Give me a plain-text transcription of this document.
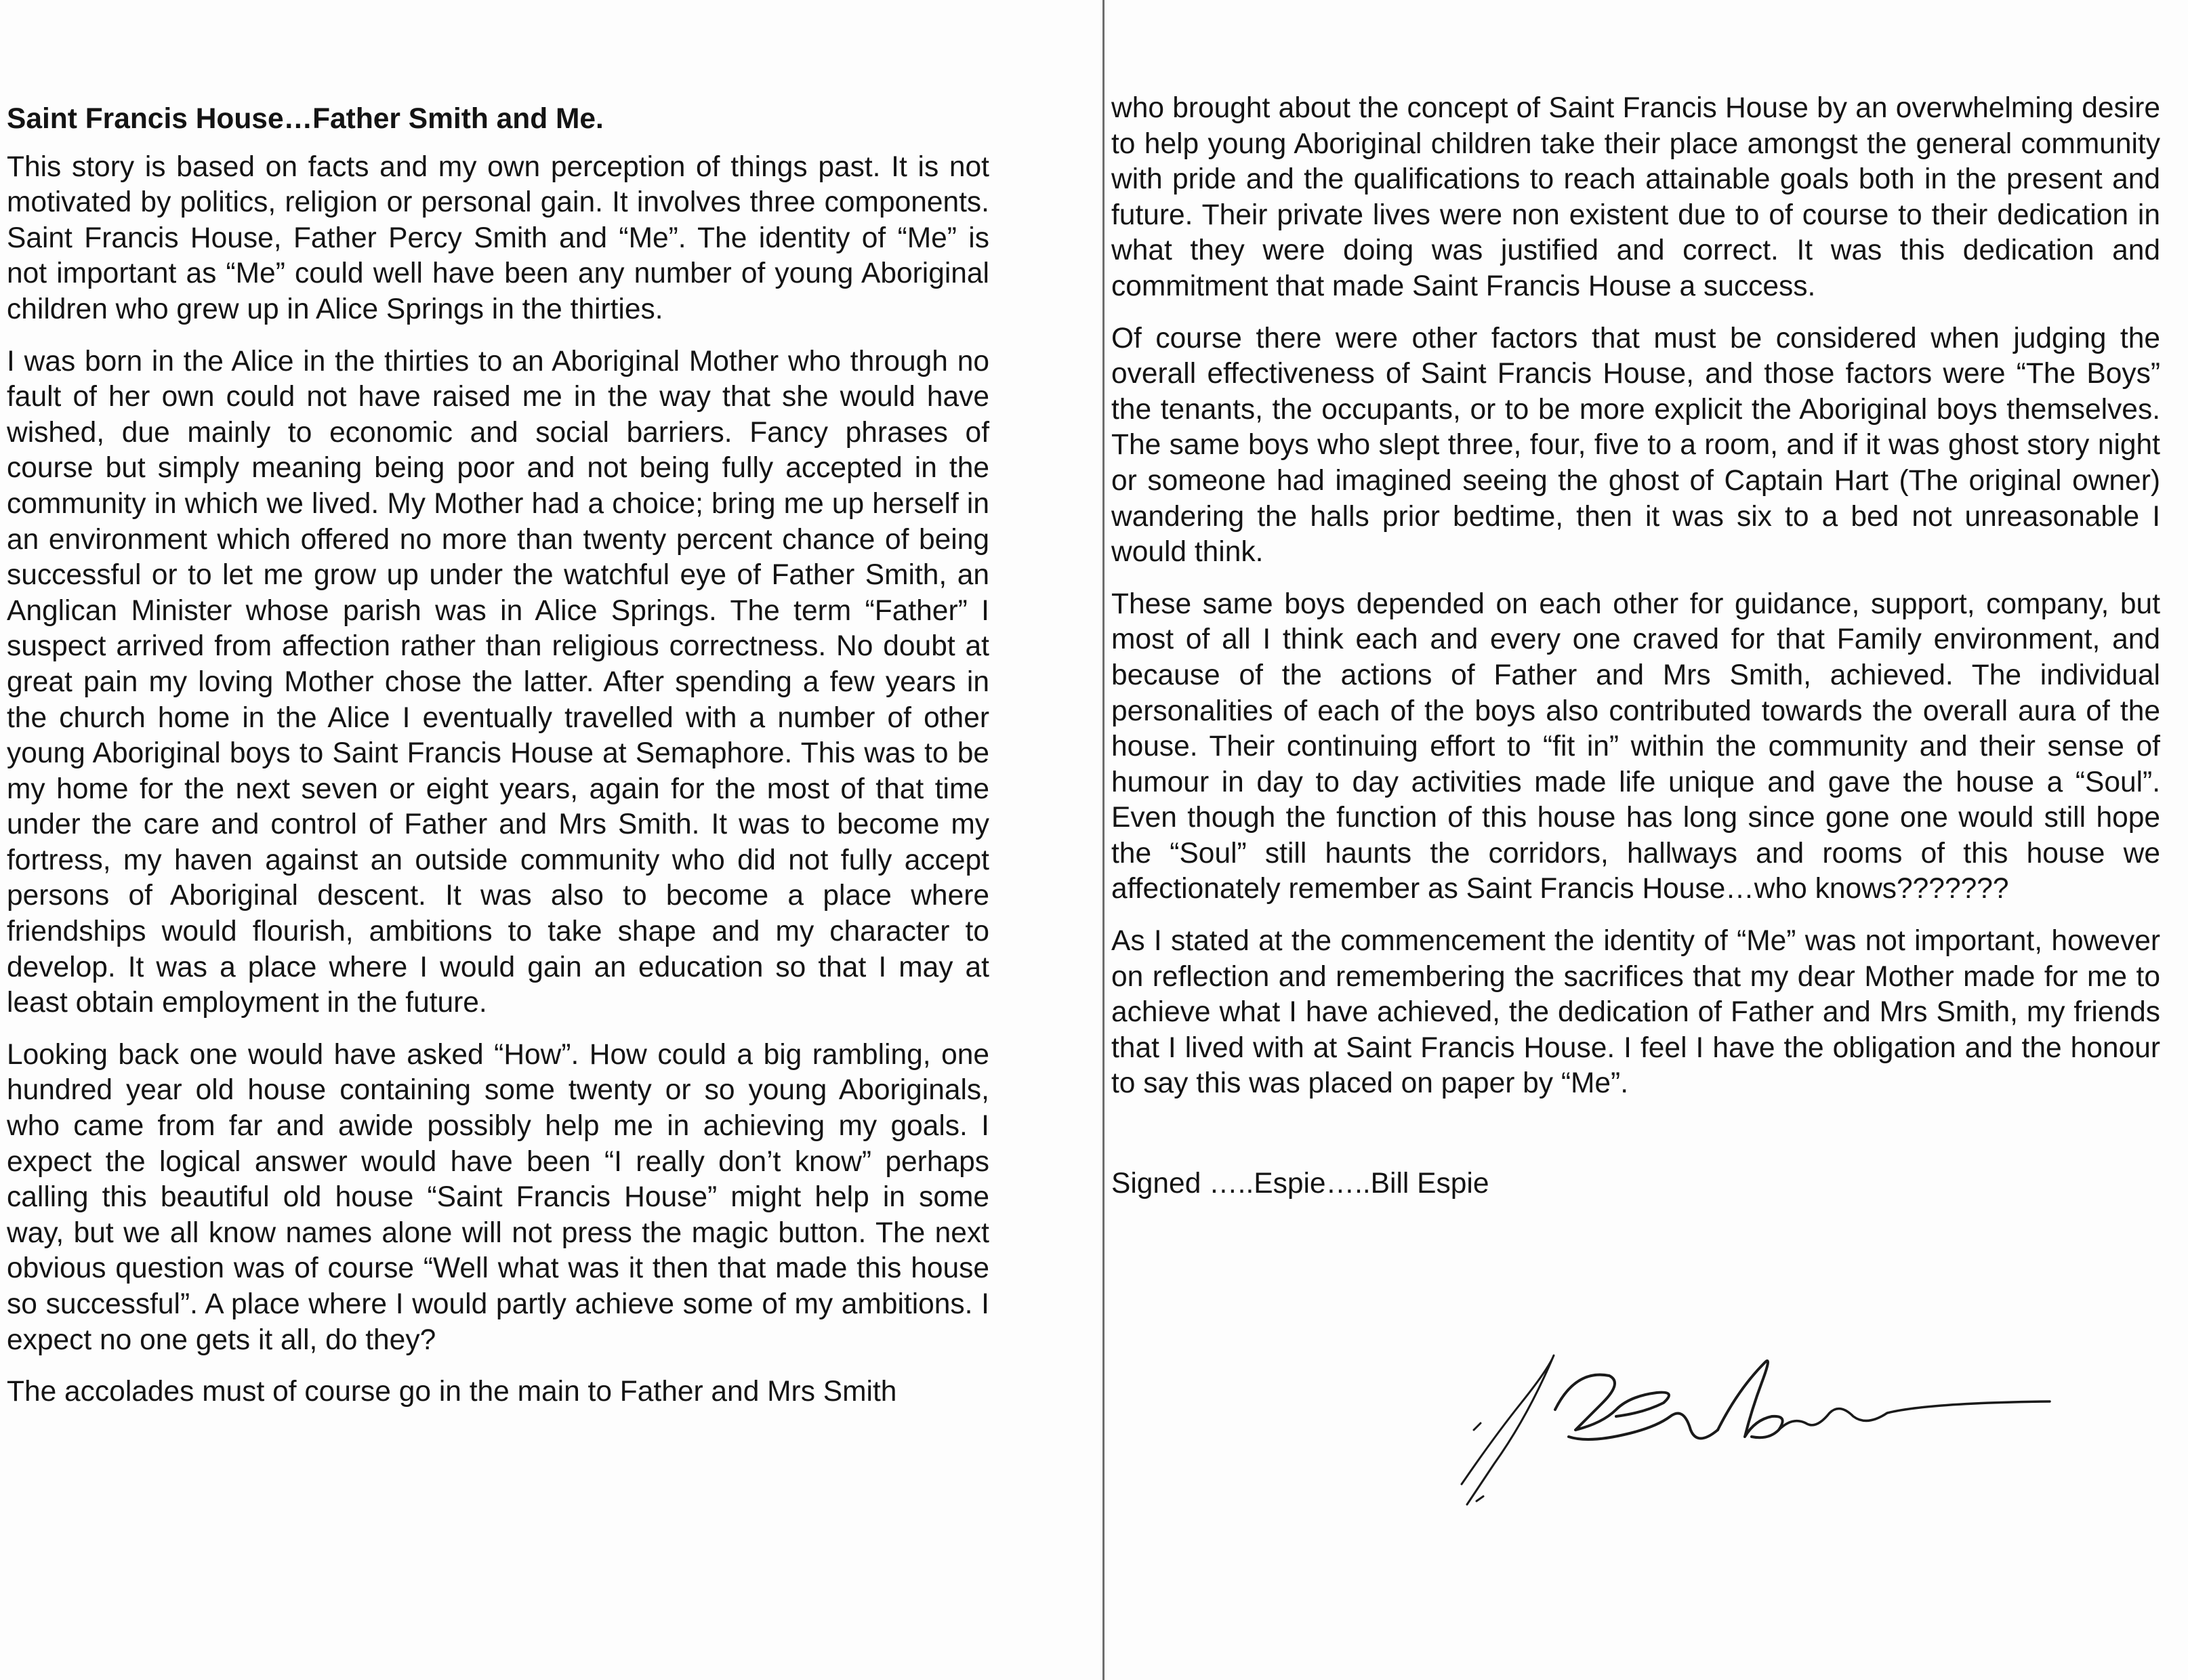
Saint Francis House…Father Smith and Me.

This story is based on facts and my own perception of things past. It is not motivated by politics, religion or personal gain. It involves three components. Saint Francis House, Father Percy Smith and “Me”. The identity of “Me” is not important as “Me” could well have been any number of young Aboriginal children who grew up in Alice Springs in the thirties.

I was born in the Alice in the thirties to an Aboriginal Mother who through no fault of her own could not have raised me in the way that she would have wished, due mainly to economic and social barriers. Fancy phrases of course but simply meaning being poor and not being fully accepted in the community in which we lived. My Mother had a choice; bring me up herself in an environment which offered no more than twenty percent chance of being successful or to let me grow up under the watchful eye of Father Smith, an Anglican Minister whose parish was in Alice Springs. The term “Father” I suspect arrived from affection rather than religious correctness. No doubt at great pain my loving Mother chose the latter. After spending a few years in the church home in the Alice I eventually travelled with a number of other young Aboriginal boys to Saint Francis House at Semaphore. This was to be my home for the next seven or eight years, again for the most of that time under the care and control of Father and Mrs Smith. It was to become my fortress, my haven against an outside community who did not fully accept persons of Aboriginal descent. It was also to become a place where friendships would flourish, ambitions to take shape and my character to develop. It was a place where I would gain an education so that I may at least obtain employment in the future.

Looking back one would have asked “How”. How could a big rambling, one hundred year old house containing some twenty or so young Aboriginals, who came from far and awide possibly help me in achieving my goals. I expect the logical answer would have been “I really don’t know” perhaps calling this beautiful old house “Saint Francis House” might help in some way, but we all know names alone will not press the magic button. The next obvious question was of course “Well what was it then that made this house so successful”. A place where I would partly achieve some of my ambitions. I expect no one gets it all, do they?

The accolades must of course go in the main to Father and Mrs Smith

who brought about the concept of Saint Francis House by an overwhelming desire to help young Aboriginal children take their place amongst the general community with pride and the qualifications to reach attainable goals both in the present and future. Their private lives were non existent due to of course to their dedication in what they were doing was justified and correct. It was this dedication and commitment that made Saint Francis House a success.

Of course there were other factors that must be considered when judging the overall effectiveness of Saint Francis House, and those factors were “The Boys” the tenants, the occupants, or to be more explicit the Aboriginal boys themselves. The same boys who slept three, four, five to a room, and if it was ghost story night or someone had imagined seeing the ghost of Captain Hart (The original owner) wandering the halls prior bedtime, then it was six to a bed not unreasonable I would think.

These same boys depended on each other for guidance, support, company, but most of all I think each and every one craved for that Family environment, and because of the actions of Father and Mrs Smith, achieved. The individual personalities of each of the boys also contributed towards the overall aura of the house. Their continuing effort to “fit in” within the community and their sense of humour in day to day activities made life unique and gave the house a “Soul”. Even though the function of this house has long since gone one would still hope the “Soul” still haunts the corridors, hallways and rooms of this house we affectionately remember as Saint Francis House…who knows???????

As I stated at the commencement the identity of “Me” was not important, however on reflection and remembering the sacrifices that my dear Mother made for me to achieve what I have achieved, the dedication of Father and Mrs Smith, my friends that I lived with at Saint Francis House. I feel I have the obligation and the honour to say this was placed on paper by “Me”.

Signed …..Espie…..Bill Espie
